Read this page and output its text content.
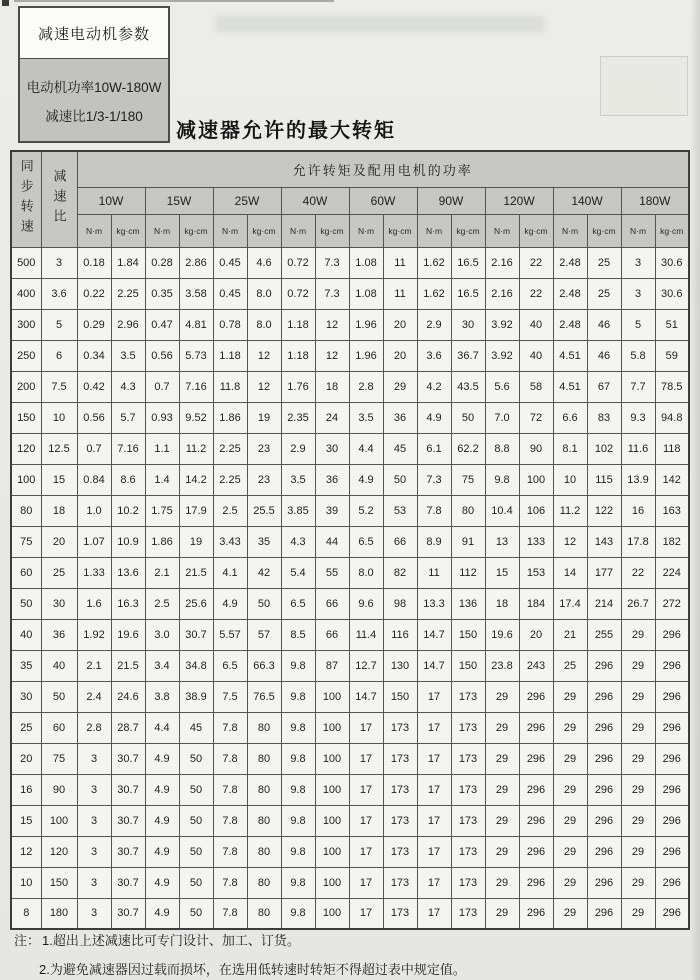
减速电动机参数
电动机功率10W-180W
减速比1/3-1/180
减速器允许的最大转矩
同步转速	减速比	允许转矩及配用电机的功率																	
		10W		15W		25W		40W		60W		90W		120W		140W		180W	
		N·m	kg·cm	N·m	kg·cm	N·m	kg·cm	N·m	kg·cm	N·m	kg·cm	N·m	kg·cm	N·m	kg·cm	N·m	kg·cm	N·m	kg·cm
500	3	0.18	1.84	0.28	2.86	0.45	4.6	0.72	7.3	1.08	11	1.62	16.5	2.16	22	2.48	25	3	30.6
400	3.6	0.22	2.25	0.35	3.58	0.45	8.0	0.72	7.3	1.08	11	1.62	16.5	2.16	22	2.48	25	3	30.6
300	5	0.29	2.96	0.47	4.81	0.78	8.0	1.18	12	1.96	20	2.9	30	3.92	40	2.48	46	5	51
250	6	0.34	3.5	0.56	5.73	1.18	12	1.18	12	1.96	20	3.6	36.7	3.92	40	4.51	46	5.8	59
200	7.5	0.42	4.3	0.7	7.16	11.8	12	1.76	18	2.8	29	4.2	43.5	5.6	58	4.51	67	7.7	78.5
150	10	0.56	5.7	0.93	9.52	1.86	19	2.35	24	3.5	36	4.9	50	7.0	72	6.6	83	9.3	94.8
120	12.5	0.7	7.16	1.1	11.2	2.25	23	2.9	30	4.4	45	6.1	62.2	8.8	90	8.1	102	11.6	118
100	15	0.84	8.6	1.4	14.2	2.25	23	3.5	36	4.9	50	7.3	75	9.8	100	10	115	13.9	142
80	18	1.0	10.2	1.75	17.9	2.5	25.5	3.85	39	5.2	53	7.8	80	10.4	106	11.2	122	16	163
75	20	1.07	10.9	1.86	19	3.43	35	4.3	44	6.5	66	8.9	91	13	133	12	143	17.8	182
60	25	1.33	13.6	2.1	21.5	4.1	42	5.4	55	8.0	82	11	112	15	153	14	177	22	224
50	30	1.6	16.3	2.5	25.6	4.9	50	6.5	66	9.6	98	13.3	136	18	184	17.4	214	26.7	272
40	36	1.92	19.6	3.0	30.7	5.57	57	8.5	66	11.4	116	14.7	150	19.6	20	21	255	29	296
35	40	2.1	21.5	3.4	34.8	6.5	66.3	9.8	87	12.7	130	14.7	150	23.8	243	25	296	29	296
30	50	2.4	24.6	3.8	38.9	7.5	76.5	9.8	100	14.7	150	17	173	29	296	29	296	29	296
25	60	2.8	28.7	4.4	45	7.8	80	9.8	100	17	173	17	173	29	296	29	296	29	296
20	75	3	30.7	4.9	50	7.8	80	9.8	100	17	173	17	173	29	296	29	296	29	296
16	90	3	30.7	4.9	50	7.8	80	9.8	100	17	173	17	173	29	296	29	296	29	296
15	100	3	30.7	4.9	50	7.8	80	9.8	100	17	173	17	173	29	296	29	296	29	296
12	120	3	30.7	4.9	50	7.8	80	9.8	100	17	173	17	173	29	296	29	296	29	296
10	150	3	30.7	4.9	50	7.8	80	9.8	100	17	173	17	173	29	296	29	296	29	296
8	180	3	30.7	4.9	50	7.8	80	9.8	100	17	173	17	173	29	296	29	296	29	296
注： 1.超出上述减速比可专门设计、加工、订货。
2.为避免减速器因过载而损坏，在选用低转速时转矩不得超过表中规定值。
